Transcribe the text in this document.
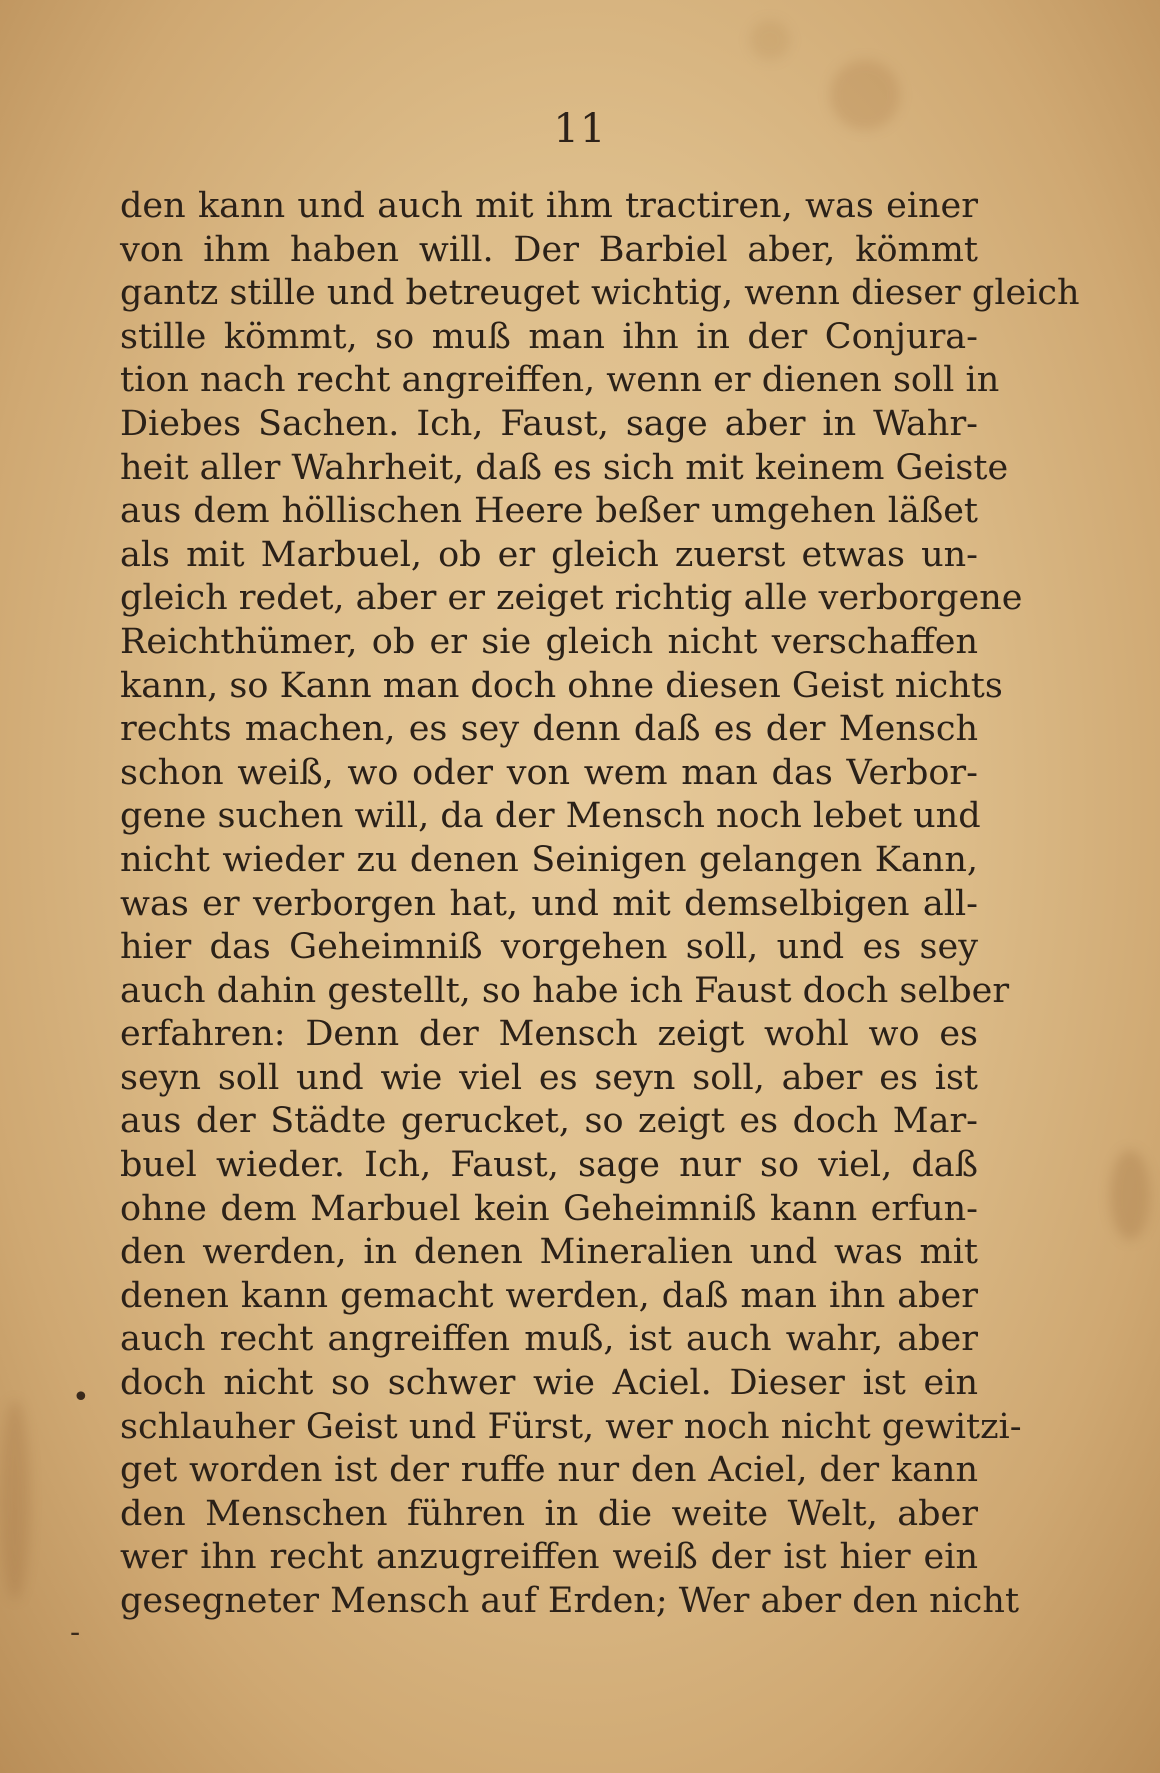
11
den kann und auch mit ihm tractiren, was einer
von ihm haben will. Der Barbiel aber, kömmt
gantz stille und betreuget wichtig, wenn dieser gleich
stille kömmt, so muß man ihn in der Conjura-
tion nach recht angreiffen, wenn er dienen soll in
Diebes Sachen. Ich, Faust, sage aber in Wahr-
heit aller Wahrheit, daß es sich mit keinem Geiste
aus dem höllischen Heere beßer umgehen läßet
als mit Marbuel, ob er gleich zuerst etwas un-
gleich redet, aber er zeiget richtig alle verborgene
Reichthümer, ob er sie gleich nicht verschaffen
kann, so Kann man doch ohne diesen Geist nichts
rechts machen, es sey denn daß es der Mensch
schon weiß, wo oder von wem man das Verbor-
gene suchen will, da der Mensch noch lebet und
nicht wieder zu denen Seinigen gelangen Kann,
was er verborgen hat, und mit demselbigen all-
hier das Geheimniß vorgehen soll, und es sey
auch dahin gestellt, so habe ich Faust doch selber
erfahren: Denn der Mensch zeigt wohl wo es
seyn soll und wie viel es seyn soll, aber es ist
aus der Städte gerucket, so zeigt es doch Mar-
buel wieder. Ich, Faust, sage nur so viel, daß
ohne dem Marbuel kein Geheimniß kann erfun-
den werden, in denen Mineralien und was mit
denen kann gemacht werden, daß man ihn aber
auch recht angreiffen muß, ist auch wahr, aber
doch nicht so schwer wie Aciel. Dieser ist ein
schlauher Geist und Fürst, wer noch nicht gewitzi-
get worden ist der ruffe nur den Aciel, der kann
den Menschen führen in die weite Welt, aber
wer ihn recht anzugreiffen weiß der ist hier ein
gesegneter Mensch auf Erden; Wer aber den nicht
•
-
